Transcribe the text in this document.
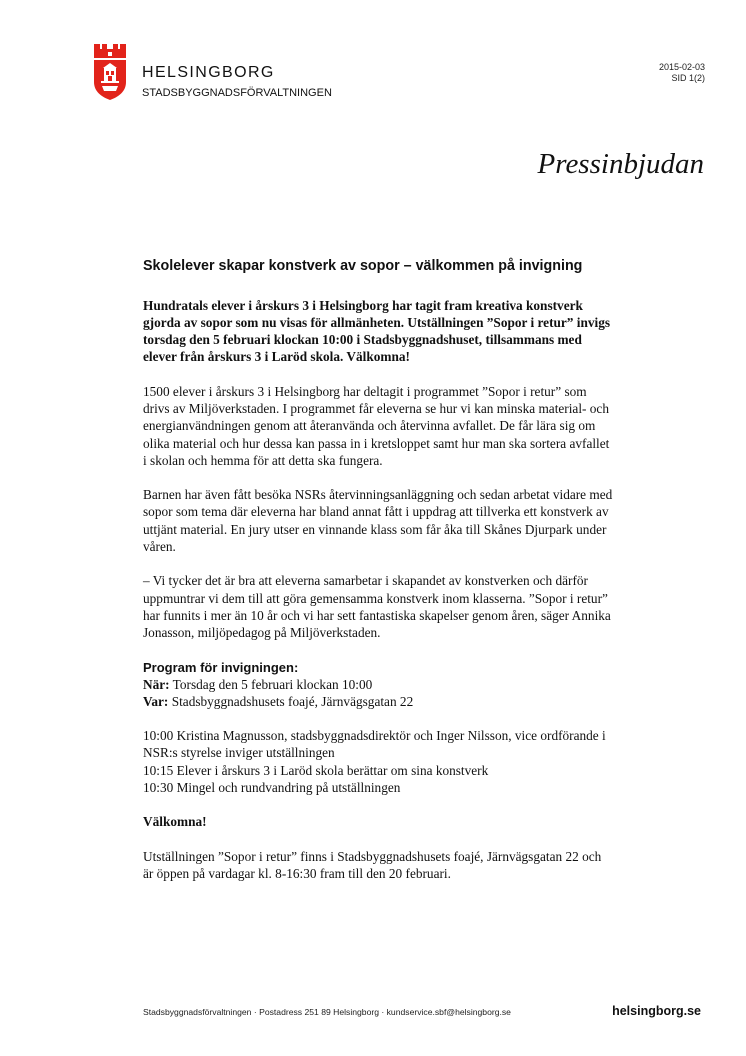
HELSINGBORG
STADSBYGGNADSFÖRVALTNINGEN
2015-02-03
SID 1(2)
Pressinbjudan
Skolelever skapar konstverk av sopor – välkommen på invigning

Hundratals elever i årskurs 3 i Helsingborg har tagit fram kreativa konstverk gjorda av sopor som nu visas för allmänheten. Utställningen ”Sopor i retur” invigs torsdag den 5 februari klockan 10:00 i Stadsbyggnadshuset, tillsammans med elever från årskurs 3 i Laröd skola. Välkomna!

1500 elever i årskurs 3 i Helsingborg har deltagit i programmet ”Sopor i retur” som drivs av Miljöverkstaden. I programmet får eleverna se hur vi kan minska material- och energianvändningen genom att återanvända och återvinna avfallet. De får lära sig om olika material och hur dessa kan passa in i kretsloppet samt hur man ska sortera avfallet i skolan och hemma för att detta ska fungera.

Barnen har även fått besöka NSRs återvinningsanläggning och sedan arbetat vidare med sopor som tema där eleverna har bland annat fått i uppdrag att tillverka ett konstverk av uttjänt material. En jury utser en vinnande klass som får åka till Skånes Djurpark under våren.

– Vi tycker det är bra att eleverna samarbetar i skapandet av konstverken och därför uppmuntrar vi dem till att göra gemensamma konstverk inom klasserna. ”Sopor i retur” har funnits i mer än 10 år och vi har sett fantastiska skapelser genom åren, säger Annika Jonasson, miljöpedagog på Miljöverkstaden.

Program för invigningen:

När: Torsdag den 5 februari klockan 10:00

Var: Stadsbyggnadshusets foajé, Järnvägsgatan 22

10:00 Kristina Magnusson, stadsbyggnadsdirektör och Inger Nilsson, vice ordförande i NSR:s styrelse inviger utställningen

10:15 Elever i årskurs 3 i Laröd skola berättar om sina konstverk

10:30 Mingel och rundvandring på utställningen

Välkomna!

Utställningen ”Sopor i retur” finns i Stadsbyggnadshusets foajé, Järnvägsgatan 22 och är öppen på vardagar kl. 8-16:30 fram till den 20 februari.

Stadsbyggnadsförvaltningen · Postadress 251 89 Helsingborg · kundservice.sbf@helsingborg.se	helsingborg.se
